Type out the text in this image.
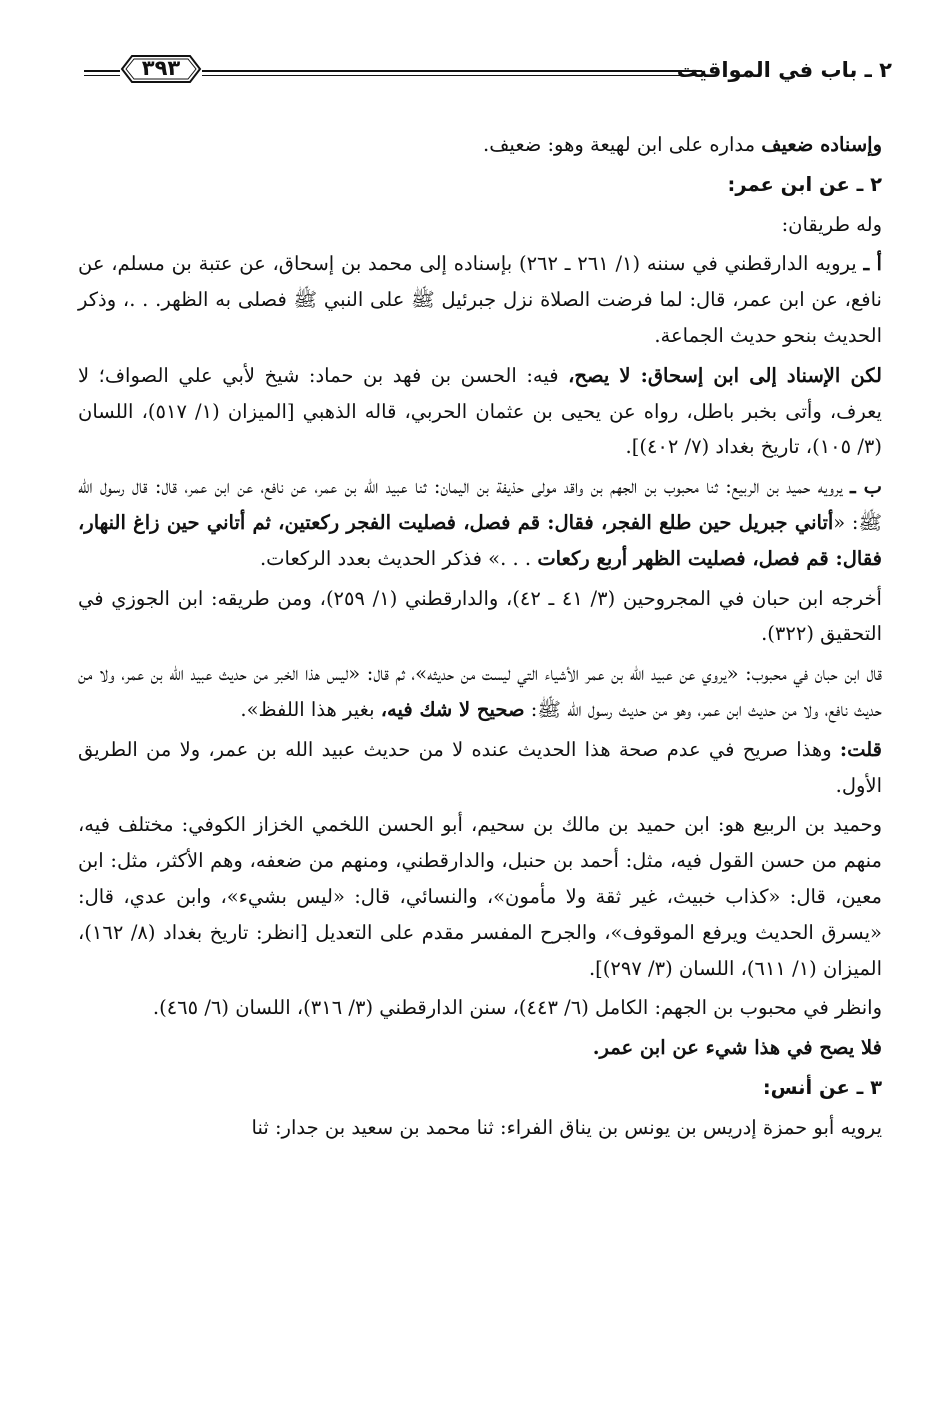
٢ ـ باب في المواقيت
٣٩٣

وإسناده ضعيف مداره على ابن لهيعة وهو: ضعيف.

٢ ـ عن ابن عمر:

وله طريقان:

أ ـ يرويه الدارقطني في سننه (١/ ٢٦١ ـ ٢٦٢) بإسناده إلى محمد بن إسحاق، عن عتبة بن مسلم، عن نافع، عن ابن عمر، قال: لما فرضت الصلاة نزل جبرئيل ﷺ على النبي ﷺ فصلى به الظهر. . .، وذكر الحديث بنحو حديث الجماعة.

لكن الإسناد إلى ابن إسحاق: لا يصح، فيه: الحسن بن فهد بن حماد: شيخ لأبي علي الصواف؛ لا يعرف، وأتى بخبر باطل، رواه عن يحيى بن عثمان الحربي، قاله الذهبي [الميزان (١/ ٥١٧)، اللسان (٣/ ١٠٥)، تاريخ بغداد (٧/ ٤٠٢)].

ب ـ يرويه حميد بن الربيع: ثنا محبوب بن الجهم بن واقد مولى حذيفة بن اليمان: ثنا عبيد الله بن عمر، عن نافع، عن ابن عمر، قال: قال رسول الله ﷺ: «أتاني جبريل حين طلع الفجر، فقال: قم فصل، فصليت الفجر ركعتين، ثم أتاني حين زاغ النهار، فقال: قم فصل، فصليت الظهر أربع ركعات . . .» فذكر الحديث بعدد الركعات.

أخرجه ابن حبان في المجروحين (٣/ ٤١ ـ ٤٢)، والدارقطني (١/ ٢٥٩)، ومن طريقه: ابن الجوزي في التحقيق (٣٢٢).

قال ابن حبان في محبوب: «يروي عن عبيد الله بن عمر الأشياء التي ليست من حديثه»، ثم قال: «ليس هذا الخبر من حديث عبيد الله بن عمر، ولا من حديث نافع، ولا من حديث ابن عمر، وهو من حديث رسول الله ﷺ: صحيح لا شك فيه، بغير هذا اللفظ».

قلت: وهذا صريح في عدم صحة هذا الحديث عنده لا من حديث عبيد الله بن عمر، ولا من الطريق الأول.

وحميد بن الربيع هو: ابن حميد بن مالك بن سحيم، أبو الحسن اللخمي الخزاز الكوفي: مختلف فيه، منهم من حسن القول فيه، مثل: أحمد بن حنبل، والدارقطني، ومنهم من ضعفه، وهم الأكثر، مثل: ابن معين، قال: «كذاب خبيث، غير ثقة ولا مأمون»، والنسائي، قال: «ليس بشيء»، وابن عدي، قال: «يسرق الحديث ويرفع الموقوف»، والجرح المفسر مقدم على التعديل [انظر: تاريخ بغداد (٨/ ١٦٢)، الميزان (١/ ٦١١)، اللسان (٣/ ٢٩٧)].

وانظر في محبوب بن الجهم: الكامل (٦/ ٤٤٣)، سنن الدارقطني (٣/ ٣١٦)، اللسان (٦/ ٤٦٥).

فلا يصح في هذا شيء عن ابن عمر.

٣ ـ عن أنس:

يرويه أبو حمزة إدريس بن يونس بن يناق الفراء: ثنا محمد بن سعيد بن جدار: ثنا
